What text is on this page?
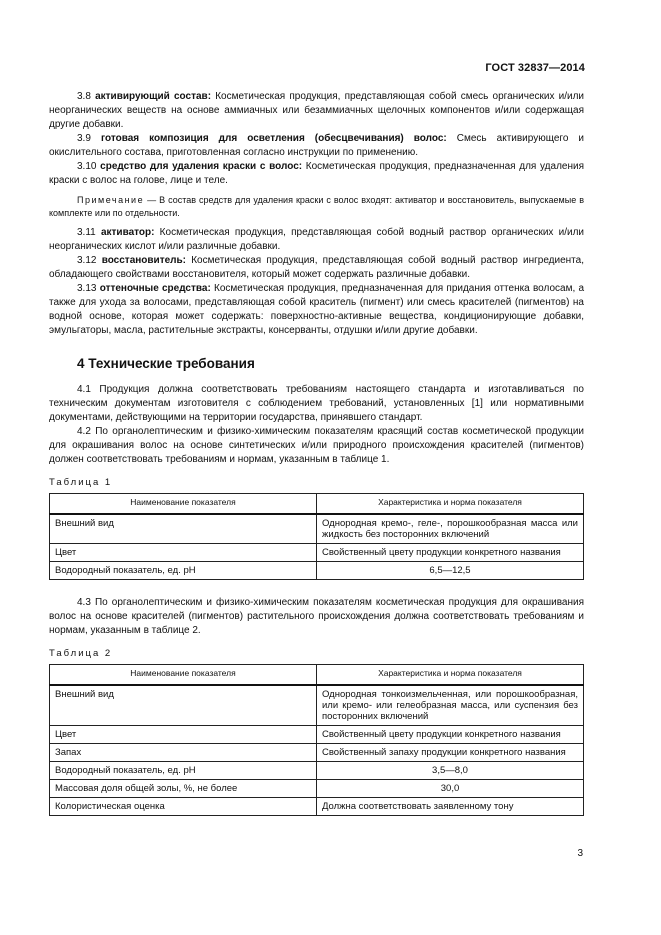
ГОСТ 32837—2014

3.8 активирующий состав: Косметическая продукция, представляющая собой смесь органических и/или неорганических веществ на основе аммиачных или безаммиачных щелочных компонентов и/или содержащая другие добавки.

3.9 готовая композиция для осветления (обесцвечивания) волос: Смесь активирующего и окислительного состава, приготовленная согласно инструкции по применению.

3.10 средство для удаления краски с волос: Косметическая продукция, предназначенная для удаления краски с волос на голове, лице и теле.

Примечание — В состав средств для удаления краски с волос входят: активатор и восстановитель, выпускаемые в комплекте или по отдельности.

3.11 активатор: Косметическая продукция, представляющая собой водный раствор органических и/или неорганических кислот и/или различные добавки.

3.12 восстановитель: Косметическая продукция, представляющая собой водный раствор ингредиента, обладающего свойствами восстановителя, который может содержать различные добавки.

3.13 оттеночные средства: Косметическая продукция, предназначенная для придания оттенка волосам, а также для ухода за волосами, представляющая собой краситель (пигмент) или смесь красителей (пигментов) на водной основе, которая может содержать: поверхностно-активные вещества, кондиционирующие добавки, эмульгаторы, масла, растительные экстракты, консерванты, отдушки и/или другие добавки.

4 Технические требования

4.1 Продукция должна соответствовать требованиям настоящего стандарта и изготавливаться по техническим документам изготовителя с соблюдением требований, установленных [1] или нормативными документами, действующими на территории государства, принявшего стандарт.

4.2 По органолептическим и физико-химическим показателям красящий состав косметической продукции для окрашивания волос на основе синтетических и/или природного происхождения красителей (пигментов) должен соответствовать требованиям и нормам, указанным в таблице 1.

Таблица 1
Наименование показателя	Характеристика и норма показателя
Внешний вид	Однородная кремо-, геле-, порошкообразная масса или жидкость без посторонних включений
Цвет	Свойственный цвету продукции конкретного названия
Водородный показатель, ед. pH	6,5—12,5

4.3 По органолептическим и физико-химическим показателям косметическая продукция для окрашивания волос на основе красителей (пигментов) растительного происхождения должна соответствовать требованиям и нормам, указанным в таблице 2.

Таблица 2
Наименование показателя	Характеристика и норма показателя
Внешний вид	Однородная тонкоизмельченная, или порошкообразная, или кремо- или гелеобразная масса, или суспензия без посторонних включений
Цвет	Свойственный цвету продукции конкретного названия
Запах	Свойственный запаху продукции конкретного названия
Водородный показатель, ед. pH	3,5—8,0
Массовая доля общей золы, %, не более	30,0
Колористическая оценка	Должна соответствовать заявленному тону
3
